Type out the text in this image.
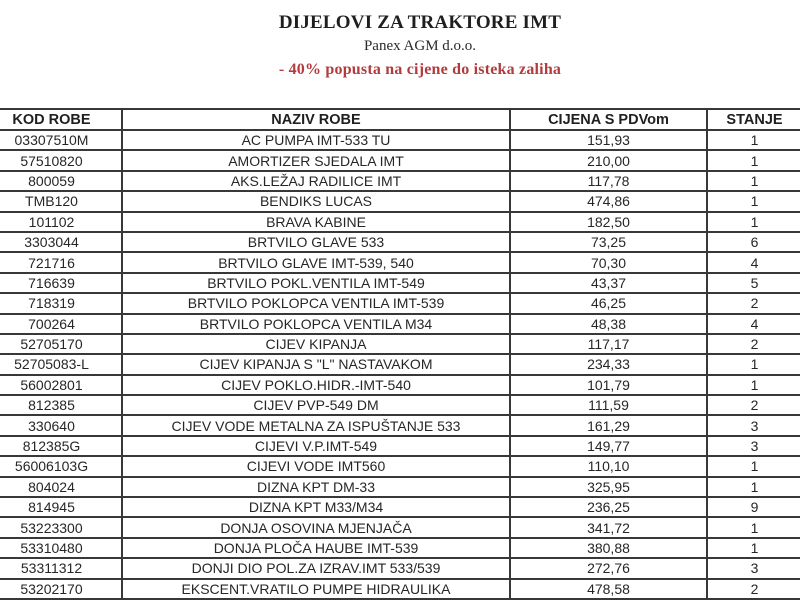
DIJELOVI ZA TRAKTORE IMT
Panex AGM d.o.o.
- 40% popusta na cijene do isteka zaliha
KOD ROBE	NAZIV ROBE	CIJENA S PDVom	STANJE	
03307510M	AC PUMPA IMT-533 TU	151,93	1	
57510820	AMORTIZER SJEDALA IMT	210,00	1	
800059	AKS.LEŽAJ RADILICE IMT	117,78	1	
TMB120	BENDIKS LUCAS	474,86	1	
101102	BRAVA KABINE	182,50	1	
3303044	BRTVILO GLAVE 533	73,25	6	
721716	BRTVILO GLAVE IMT-539, 540	70,30	4	
716639	BRTVILO POKL.VENTILA IMT-549	43,37	5	
718319	BRTVILO POKLOPCA VENTILA IMT-539	46,25	2	
700264	BRTVILO POKLOPCA VENTILA M34	48,38	4	
52705170	CIJEV KIPANJA	117,17	2	
52705083-L	CIJEV KIPANJA S "L" NASTAVAKOM	234,33	1	
56002801	CIJEV POKLO.HIDR.-IMT-540	101,79	1	
812385	CIJEV PVP-549 DM	111,59	2	
330640	CIJEV VODE METALNA ZA ISPUŠTANJE 533	161,29	3	
812385G	CIJEVI V.P.IMT-549	149,77	3	
56006103G	CIJEVI VODE IMT560	110,10	1	
804024	DIZNA KPT DM-33	325,95	1	
814945	DIZNA KPT M33/M34	236,25	9	
53223300	DONJA OSOVINA MJENJAČA	341,72	1	
53310480	DONJA PLOČA HAUBE IMT-539	380,88	1	
53311312	DONJI DIO POL.ZA IZRAV.IMT 533/539	272,76	3	
53202170	EKSCENT.VRATILO PUMPE HIDRAULIKA	478,58	2	
